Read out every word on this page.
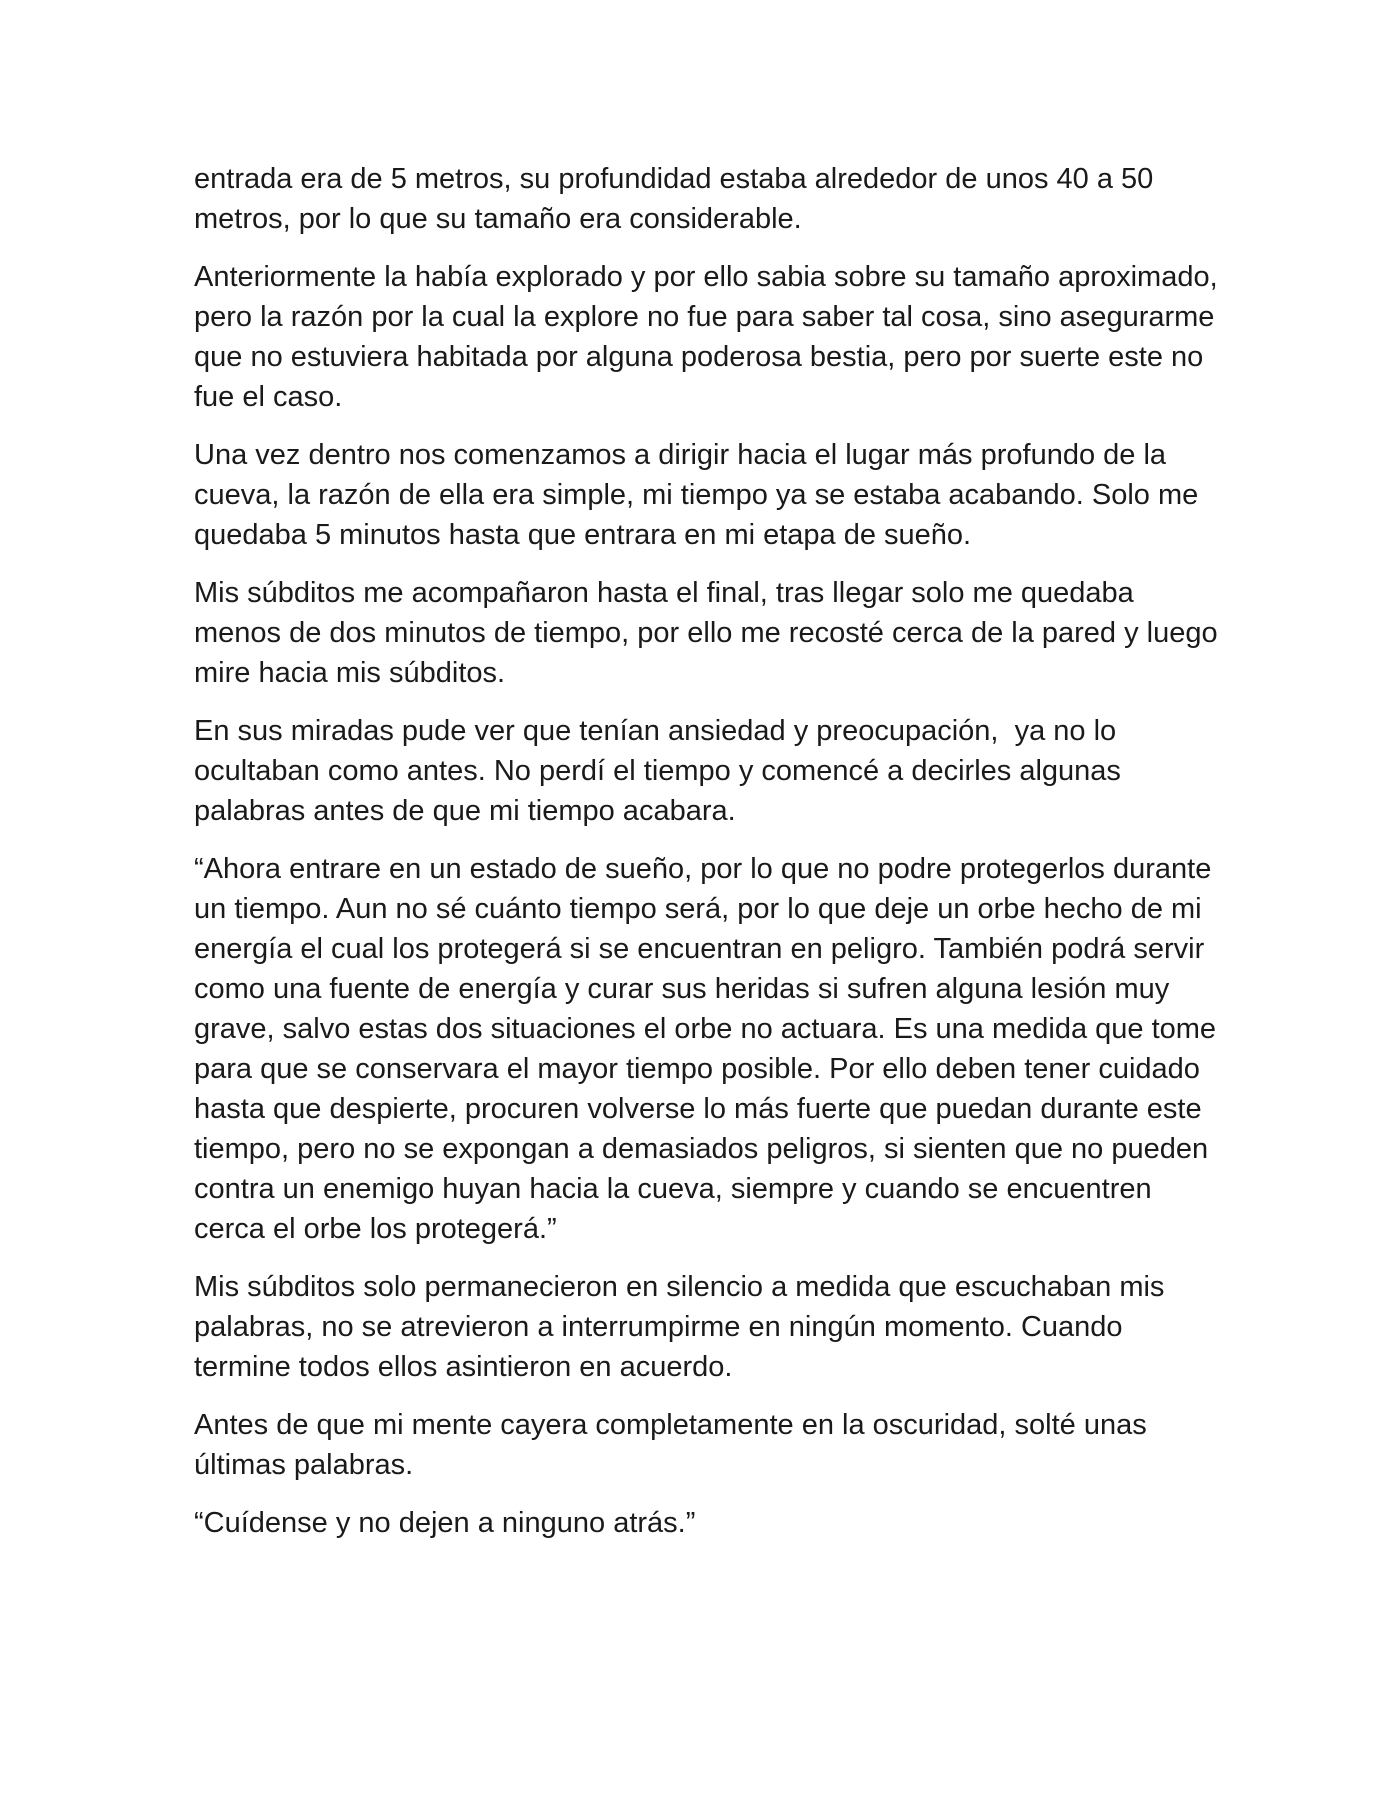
entrada era de 5 metros, su profundidad estaba alrededor de unos 40 a 50 metros, por lo que su tamaño era considerable.

Anteriormente la había explorado y por ello sabia sobre su tamaño aproximado, pero la razón por la cual la explore no fue para saber tal cosa, sino asegurarme que no estuviera habitada por alguna poderosa bestia, pero por suerte este no fue el caso.

Una vez dentro nos comenzamos a dirigir hacia el lugar más profundo de la cueva, la razón de ella era simple, mi tiempo ya se estaba acabando. Solo me quedaba 5 minutos hasta que entrara en mi etapa de sueño.

Mis súbditos me acompañaron hasta el final, tras llegar solo me quedaba menos de dos minutos de tiempo, por ello me recosté cerca de la pared y luego mire hacia mis súbditos.

En sus miradas pude ver que tenían ansiedad y preocupación,  ya no lo ocultaban como antes. No perdí el tiempo y comencé a decirles algunas palabras antes de que mi tiempo acabara.

“Ahora entrare en un estado de sueño, por lo que no podre protegerlos durante un tiempo. Aun no sé cuánto tiempo será, por lo que deje un orbe hecho de mi energía el cual los protegerá si se encuentran en peligro. También podrá servir como una fuente de energía y curar sus heridas si sufren alguna lesión muy grave, salvo estas dos situaciones el orbe no actuara. Es una medida que tome para que se conservara el mayor tiempo posible. Por ello deben tener cuidado hasta que despierte, procuren volverse lo más fuerte que puedan durante este tiempo, pero no se expongan a demasiados peligros, si sienten que no pueden contra un enemigo huyan hacia la cueva, siempre y cuando se encuentren cerca el orbe los protegerá.”

Mis súbditos solo permanecieron en silencio a medida que escuchaban mis palabras, no se atrevieron a interrumpirme en ningún momento. Cuando termine todos ellos asintieron en acuerdo.

Antes de que mi mente cayera completamente en la oscuridad, solté unas últimas palabras.

“Cuídense y no dejen a ninguno atrás.”
